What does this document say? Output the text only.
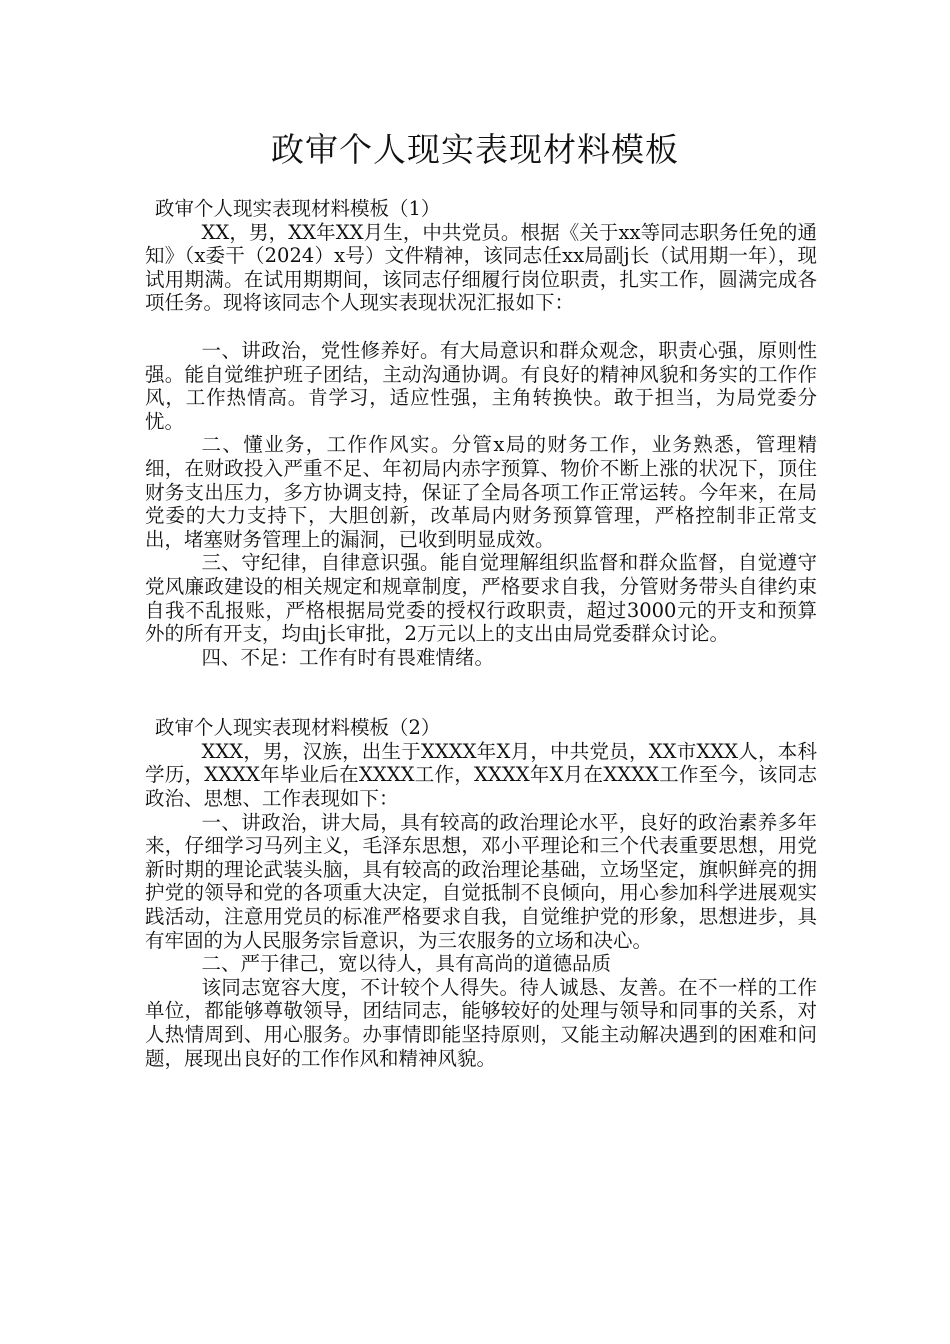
政审个人现实表现材料模板

政审个人现实表现材料模板（1）

XX，男，XX年XX月生，中共党员。根据《关于xx等同志职务任免的通知》（x委干（2024）x号）文件精神，该同志任xx局副j长（试用期一年），现试用期满。在试用期期间，该同志仔细履行岗位职责，扎实工作，圆满完成各项任务。现将该同志个人现实表现状况汇报如下：

一、讲政治，党性修养好。有大局意识和群众观念，职责心强，原则性强。能自觉维护班子团结，主动沟通协调。有良好的精神风貌和务实的工作作风，工作热情高。肯学习，适应性强，主角转换快。敢于担当，为局党委分忧。

二、懂业务，工作作风实。分管x局的财务工作，业务熟悉，管理精细，在财政投入严重不足、年初局内赤字预算、物价不断上涨的状况下，顶住财务支出压力，多方协调支持，保证了全局各项工作正常运转。今年来，在局党委的大力支持下，大胆创新，改革局内财务预算管理，严格控制非正常支出，堵塞财务管理上的漏洞，已收到明显成效。

三、守纪律，自律意识强。能自觉理解组织监督和群众监督，自觉遵守党风廉政建设的相关规定和规章制度，严格要求自我，分管财务带头自律约束自我不乱报账，严格根据局党委的授权行政职责，超过3000元的开支和预算外的所有开支，均由j长审批，2万元以上的支出由局党委群众讨论。

四、不足：工作有时有畏难情绪。

政审个人现实表现材料模板（2）

XXX，男，汉族，出生于XXXX年X月，中共党员，XX市XXX人，本科学历，XXXX年毕业后在XXXX工作，XXXX年X月在XXXX工作至今，该同志政治、思想、工作表现如下：

一、讲政治，讲大局，具有较高的政治理论水平，良好的政治素养多年来，仔细学习马列主义，毛泽东思想，邓小平理论和三个代表重要思想，用党新时期的理论武装头脑，具有较高的政治理论基础，立场坚定，旗帜鲜亮的拥护党的领导和党的各项重大决定，自觉抵制不良倾向，用心参加科学进展观实践活动，注意用党员的标准严格要求自我，自觉维护党的形象，思想进步，具有牢固的为人民服务宗旨意识，为三农服务的立场和决心。

二、严于律己，宽以待人，具有高尚的道德品质

该同志宽容大度，不计较个人得失。待人诚恳、友善。在不一样的工作单位，都能够尊敬领导，团结同志，能够较好的处理与领导和同事的关系，对人热情周到、用心服务。办事情即能坚持原则，又能主动解决遇到的困难和问题，展现出良好的工作作风和精神风貌。
